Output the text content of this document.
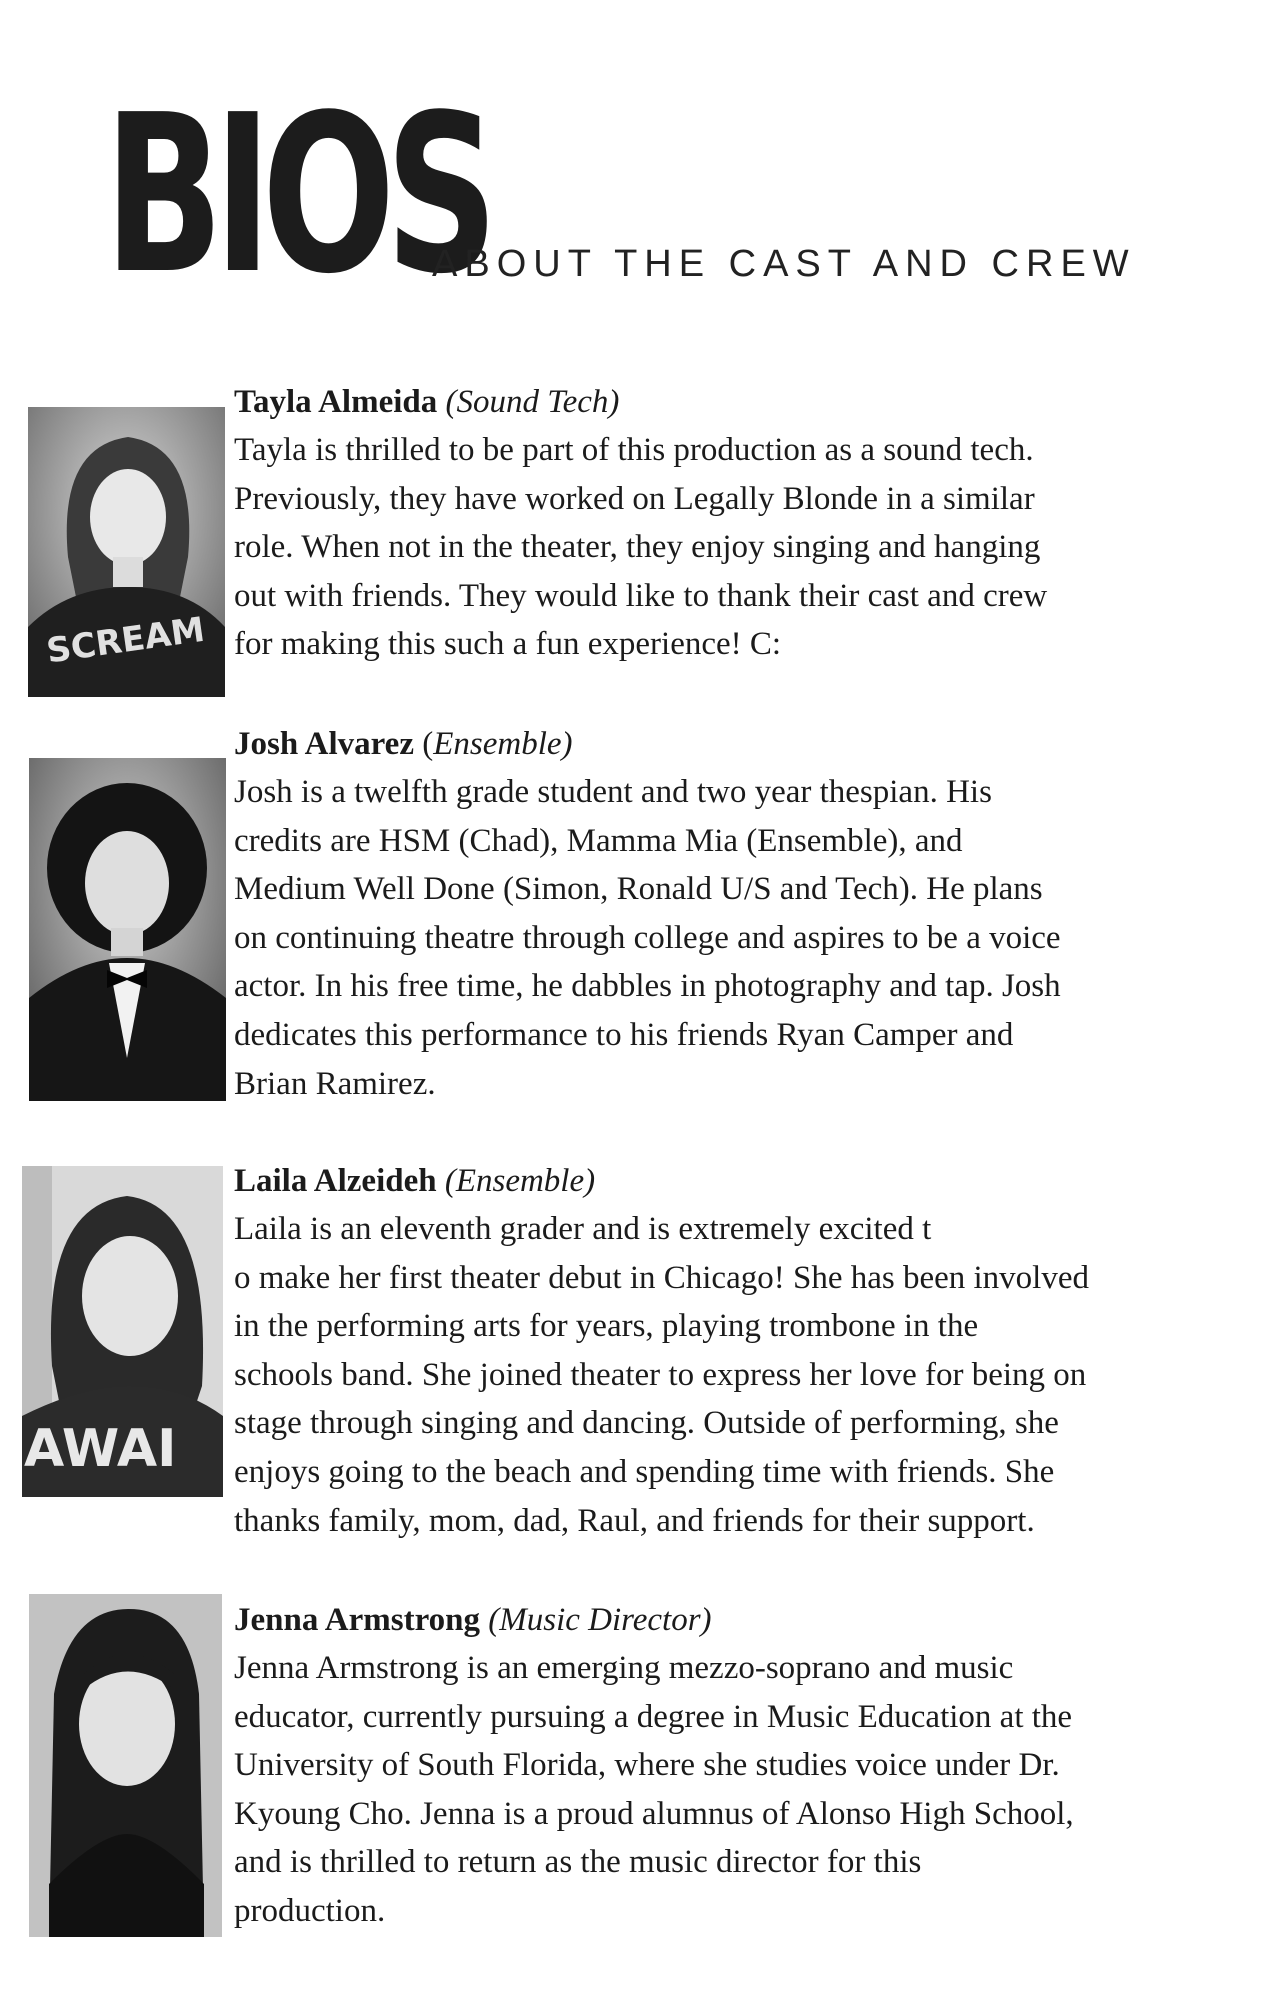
BIOS
ABOUT THE CAST AND CREW
SCREAM
Tayla Almeida (Sound Tech)

Tayla is thrilled to be part of this production as a sound tech.
Previously, they have worked on Legally Blonde in a similar
role. When not in the theater, they enjoy singing and hanging
out with friends. They would like to thank their cast and crew
for making this such a fun experience! C:

Josh Alvarez (Ensemble)

Josh is a twelfth grade student and two year thespian. His
credits are HSM (Chad), Mamma Mia (Ensemble), and
Medium Well Done (Simon, Ronald U/S and Tech). He plans
on continuing theatre through college and aspires to be a voice
actor. In his free time, he dabbles in photography and tap. Josh
dedicates this performance to his friends Ryan Camper and
Brian Ramirez.

AWAI
Laila Alzeideh (Ensemble)

Laila is an eleventh grader and is extremely excited t
o make her first theater debut in Chicago! She has been involved
in the performing arts for years, playing trombone in the
schools band. She joined theater to express her love for being on
stage through singing and dancing. Outside of performing, she
enjoys going to the beach and spending time with friends. She
thanks family, mom, dad, Raul, and friends for their support.

Jenna Armstrong (Music Director)

Jenna Armstrong is an emerging mezzo-soprano and music
educator, currently pursuing a degree in Music Education at the
University of South Florida, where she studies voice under Dr.
Kyoung Cho. Jenna is a proud alumnus of Alonso High School,
and is thrilled to return as the music director for this
production.
